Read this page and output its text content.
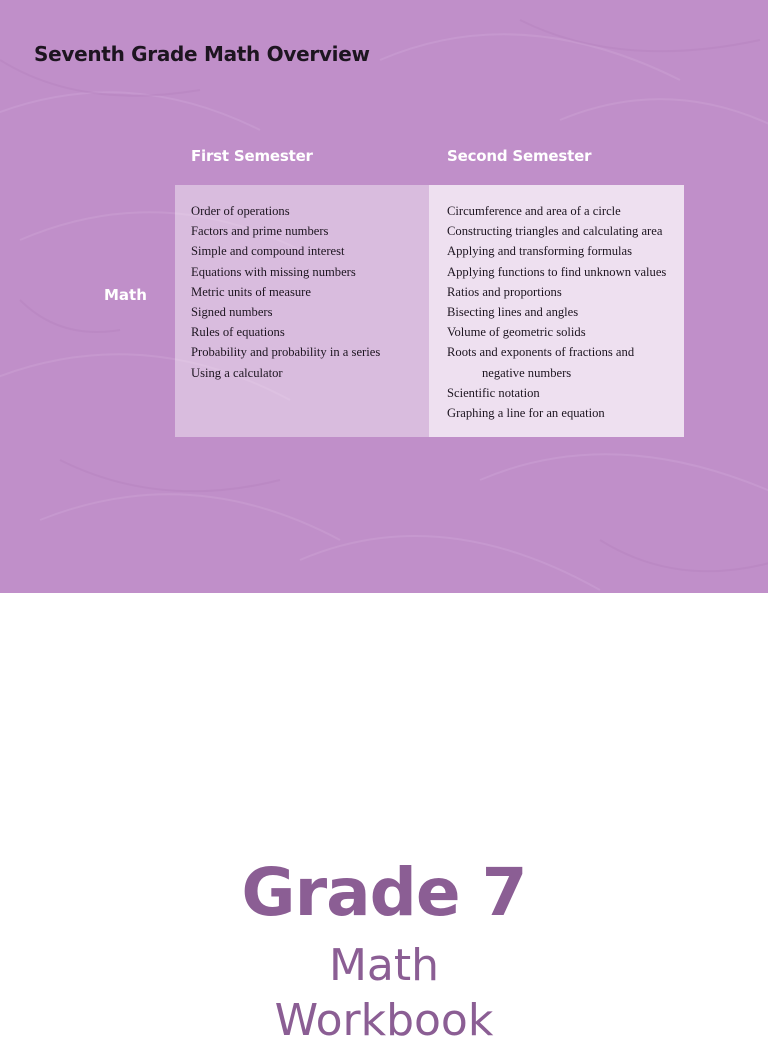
Seventh Grade Math Overview
First Semester	Second Semester
Math
Order of operations
Factors and prime numbers
Simple and compound interest
Equations with missing numbers
Metric units of measure
Signed numbers
Rules of equations
Probability and probability in a series
Using a calculator
Circumference and area of a circle
Constructing triangles and calculating area
Applying and transforming formulas
Applying functions to find unknown values
Ratios and proportions
Bisecting lines and angles
Volume of geometric solids
Roots and exponents of fractions and
negative numbers
Scientific notation
Graphing a line for an equation
Grade 7
Math
Workbook
